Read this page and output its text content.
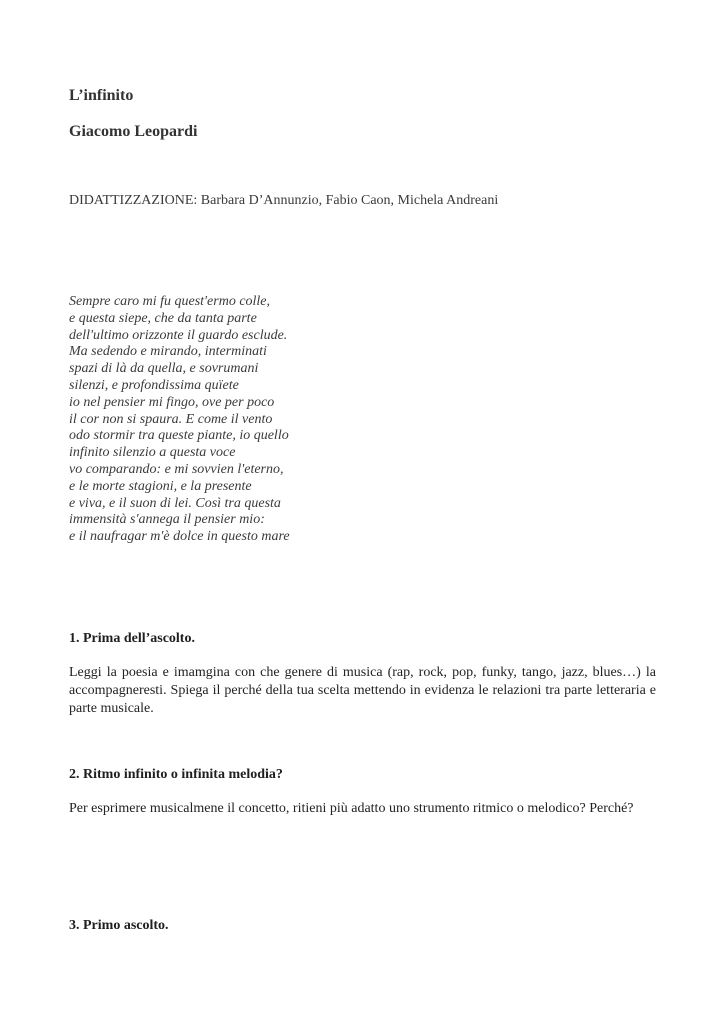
L’infinito
Giacomo Leopardi

DIDATTIZZAZIONE: Barbara D’Annunzio, Fabio Caon, Michela Andreani

Sempre caro mi fu quest'ermo colle,
e questa siepe, che da tanta parte
dell'ultimo orizzonte il guardo esclude.
Ma sedendo e mirando, interminati
spazi di là da quella, e sovrumani
silenzi, e profondissima quïete
io nel pensier mi fingo, ove per poco
il cor non si spaura. E come il vento
odo stormir tra queste piante, io quello
infinito silenzio a questa voce
vo comparando: e mi sovvien l'eterno,
e le morte stagioni, e la presente
e viva, e il suon di lei. Così tra questa
immensità s'annega il pensier mio:
e il naufragar m'è dolce in questo mare
1. Prima dell’ascolto.

Leggi la poesia e imamgina con che genere di musica (rap, rock, pop, funky, tango, jazz, blues…) la accompagneresti. Spiega il perché della tua scelta mettendo in evidenza le relazioni tra parte letteraria e parte musicale.

2. Ritmo infinito o infinita melodia?

Per esprimere musicalmene il concetto, ritieni più adatto uno strumento ritmico o melodico? Perché?

3. Primo ascolto.
